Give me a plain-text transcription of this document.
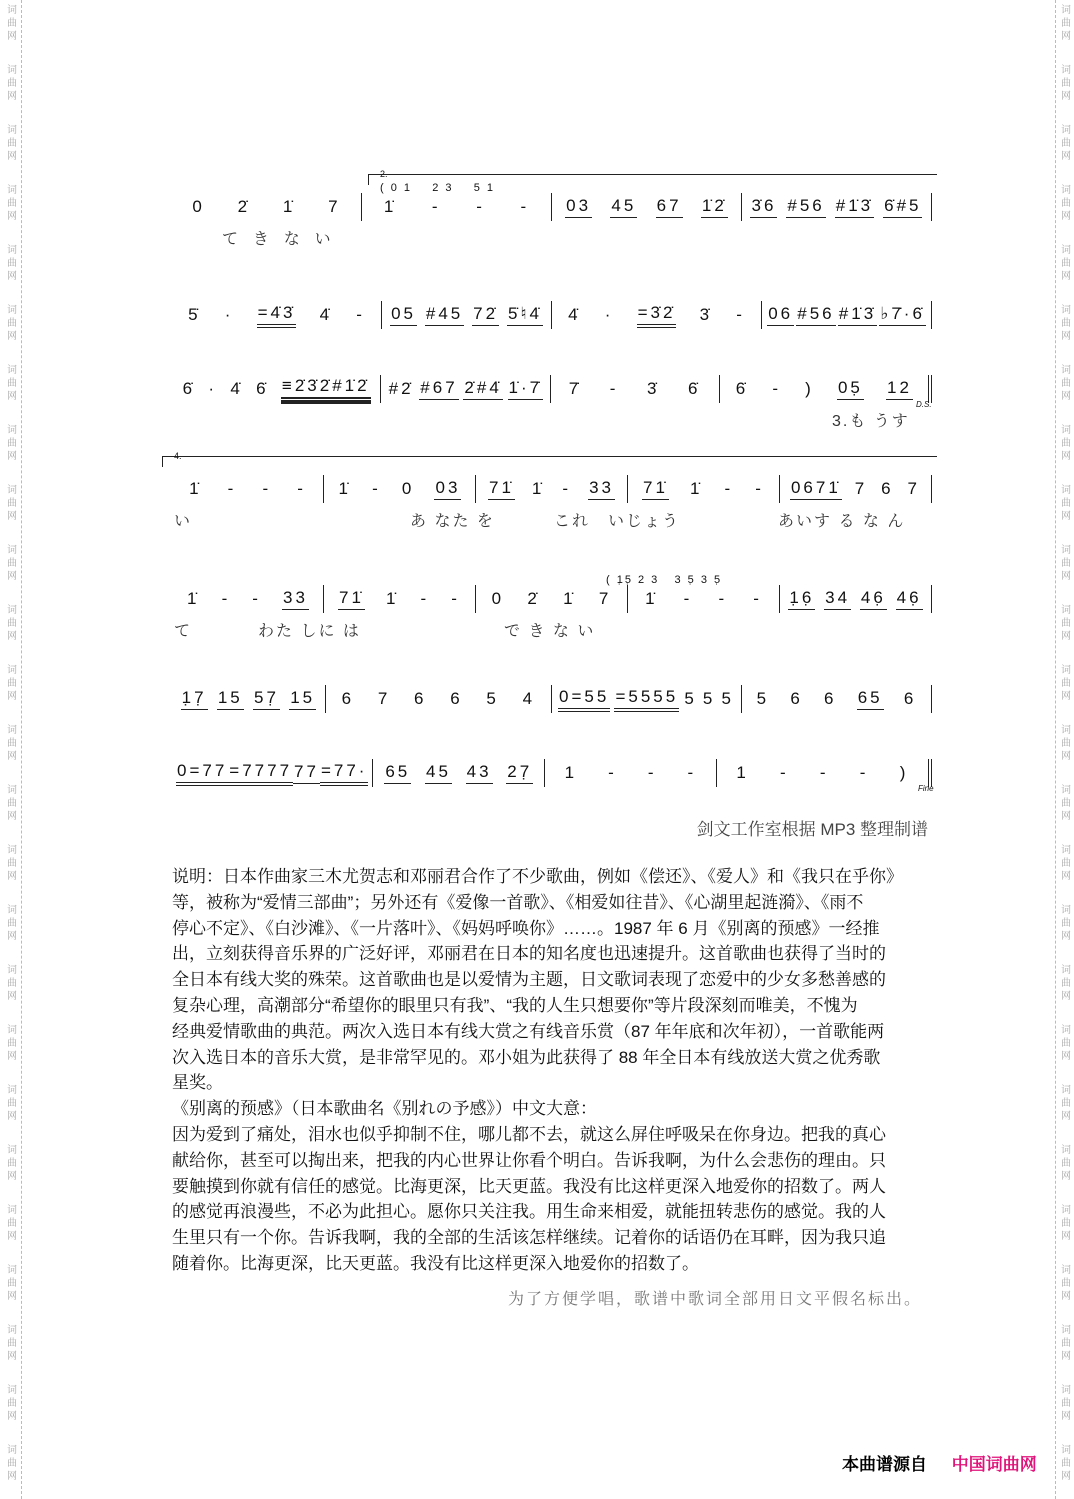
词
曲
网
词
曲
网
词
曲
网
词
曲
网
词
曲
网
词
曲
网
词
曲
网
词
曲
网
词
曲
网
词
曲
网
词
曲
网
词
曲
网
词
曲
网
词
曲
网
词
曲
网
词
曲
网
词
曲
网
词
曲
网
词
曲
网
词
曲
网
词
曲
网
词
曲
网
词
曲
网
词
曲
网
词
曲
网
词
曲
网
词
曲
网
词
曲
网
词
曲
网
词
曲
网
词
曲
网
词
曲
网
词
曲
网
词
曲
网
词
曲
网
词
曲
网
词
曲
网
词
曲
网
词
曲
网
词
曲
网
词
曲
网
词
曲
网
词
曲
网
词
曲
网
词
曲
网
词
曲
网
词
曲
网
词
曲
网
词
曲
网
词
曲
网
0 2̇ 1̇ 7	1̇ - - - 03 45 67 1̇2̇ 3̇6 #56 #1̇3̇ 6̇#5
2.
( 0 1    2 3    5 1
5̇ · =4̇3̇ 4̇ - 05 #45 72̇ 5̇♮4̇ 4̇ · =3̇2̇ 3̇ - 06 #56 #1̇3̇ ♭7̇·6̇
6̇ · 4̇ 6̇ ≡2̇3̇2̇#1̇2̇ #2̇ #67 2̇#4̇ 1̇·7̇ 7̇ - 3̇ 6̇ 6̇ - ) 05̣ 12
D.S.
3.も うす
1̇ - - - 1̇ - 0 03 71̇ 1̇ - 33 71̇ 1̇ - - 0671̇ 7 6 7
4.
い	あ なた を	これ いじょう	あいす る な ん
1̇ - - 33 71̇ 1̇ - - 0 2̇ 1̇ 7 1̇ - - - 1̣6̣ 34 46̣ 46̣
( 1̣5̣ 2 3   3 5̣ 3 5̣
て	わた しに は	で き な い
1̣7̣ 15 57̣ 15 6 7 6 6 5 4 0=55 =5555 5 5 5 5 6 6 65 6
0=77 =7777 77 =77· 65 45 43 27̣ 1 - - - 1 - - - )
Fine
て  き  な  い
剑文工作室根据 MP3 整理制谱
说明：日本作曲家三木尤贺志和邓丽君合作了不少歌曲，例如《偿还》、《爱人》和《我只在乎你》
等，被称为“爱情三部曲”；另外还有《爱像一首歌》、《相爱如往昔》、《心湖里起涟漪》、《雨不
停心不定》、《白沙滩》、《一片落叶》、《妈妈呼唤你》……。1987 年 6 月《别离的预感》一经推
出，立刻获得音乐界的广泛好评，邓丽君在日本的知名度也迅速提升。这首歌曲也获得了当时的
全日本有线大奖的殊荣。这首歌曲也是以爱情为主题，日文歌词表现了恋爱中的少女多愁善感的
复杂心理，高潮部分“希望你的眼里只有我”、“我的人生只想要你”等片段深刻而唯美，不愧为
经典爱情歌曲的典范。两次入选日本有线大赏之有线音乐赏（87 年年底和次年初），一首歌能两
次入选日本的音乐大赏，是非常罕见的。邓小姐为此获得了 88 年全日本有线放送大赏之优秀歌
星奖。
《别离的预感》（日本歌曲名《别れの予感》）中文大意：
因为爱到了痛处，泪水也似乎抑制不住，哪儿都不去，就这么屏住呼吸呆在你身边。把我的真心
献给你，甚至可以掏出来，把我的内心世界让你看个明白。告诉我啊，为什么会悲伤的理由。只
要触摸到你就有信任的感觉。比海更深，比天更蓝。我没有比这样更深入地爱你的招数了。两人
的感觉再浪漫些，不必为此担心。愿你只关注我。用生命来相爱，就能扭转悲伤的感觉。我的人
生里只有一个你。告诉我啊，我的全部的生活该怎样继续。记着你的话语仍在耳畔，因为我只追
随着你。比海更深，比天更蓝。我没有比这样更深入地爱你的招数了。
为了方便学唱，歌谱中歌词全部用日文平假名标出。
本曲谱源自 中国词曲网
